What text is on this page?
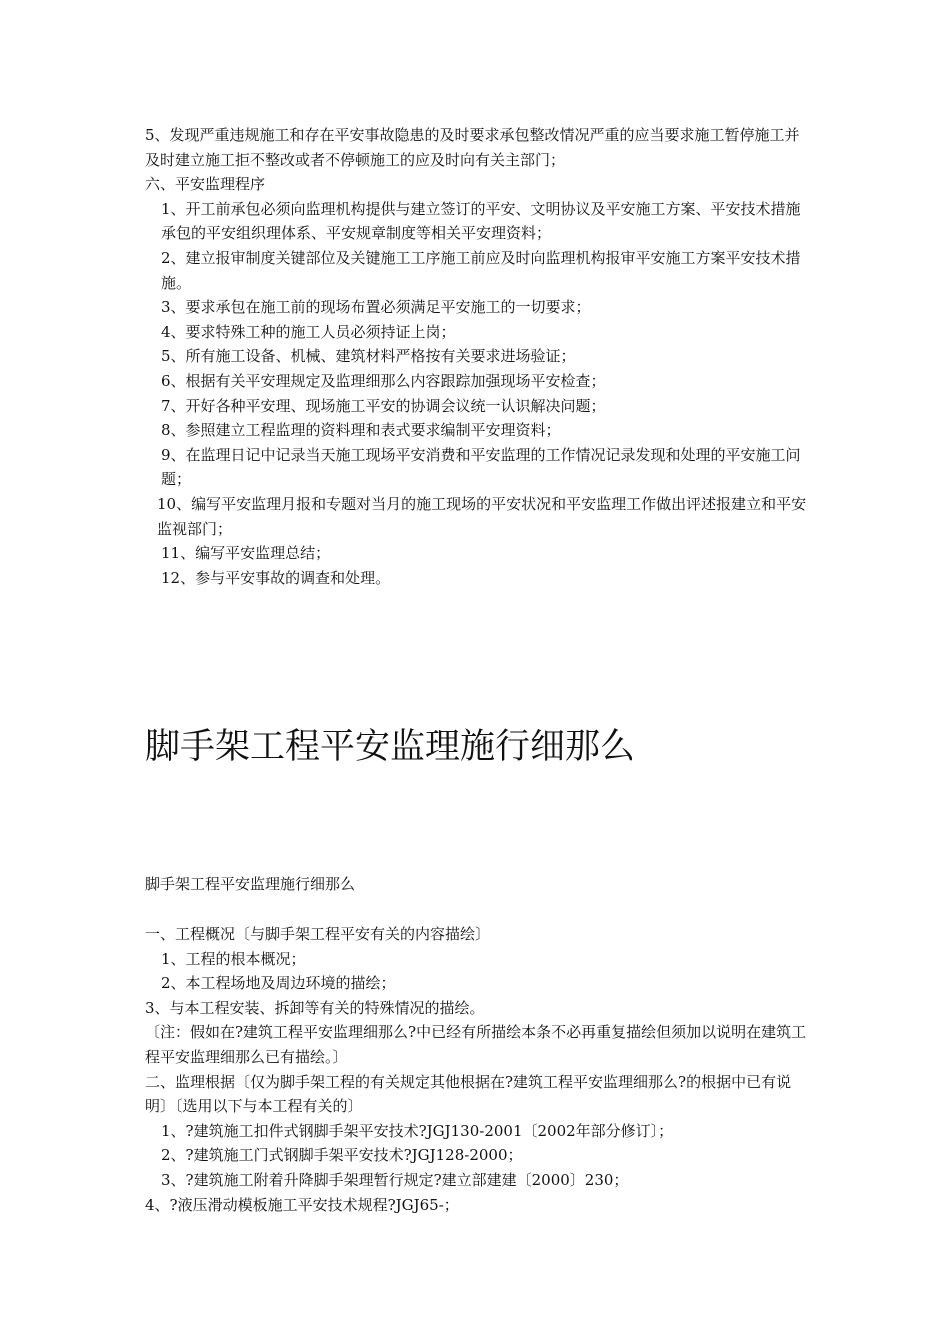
5、发现严重违规施工和存在平安事故隐患的及时要求承包整改情况严重的应当要求施工暂停施工并及时建立施工拒不整改或者不停顿施工的应及时向有关主部门；

六、平安监理程序

1、开工前承包必须向监理机构提供与建立签订的平安、文明协议及平安施工方案、平安技术措施承包的平安组织理体系、平安规章制度等相关平安理资料；

2、建立报审制度关键部位及关键施工工序施工前应及时向监理机构报审平安施工方案平安技术措施。

3、要求承包在施工前的现场布置必须满足平安施工的一切要求；

4、要求特殊工种的施工人员必须持证上岗；

5、所有施工设备、机械、建筑材料严格按有关要求进场验证；

6、根据有关平安理规定及监理细那么内容跟踪加强现场平安检查；

7、开好各种平安理、现场施工平安的协调会议统一认识解决问题；

8、参照建立工程监理的资料理和表式要求编制平安理资料；

9、在监理日记中记录当天施工现场平安消费和平安监理的工作情况记录发现和处理的平安施工问题；

10、编写平安监理月报和专题对当月的施工现场的平安状况和平安监理工作做出评述报建立和平安监视部门；

11、编写平安监理总结；

12、参与平安事故的调查和处理。

脚手架工程平安监理施行细那么

脚手架工程平安监理施行细那么

一、工程概况〔与脚手架工程平安有关的内容描绘〕

1、工程的根本概况；

2、本工程场地及周边环境的描绘；

3、与本工程安装、拆卸等有关的特殊情况的描绘。

〔注：假如在?建筑工程平安监理细那么?中已经有所描绘本条不必再重复描绘但须加以说明在建筑工程平安监理细那么已有描绘。〕

二、监理根据〔仅为脚手架工程的有关规定其他根据在?建筑工程平安监理细那么?的根据中已有说明〕〔选用以下与本工程有关的〕

1、?建筑施工扣件式钢脚手架平安技术?JGJ130-2001〔2002年部分修订〕；

2、?建筑施工门式钢脚手架平安技术?JGJ128-2000；

3、?建筑施工附着升降脚手架理暂行规定?建立部建建〔2000〕230；

4、?液压滑动模板施工平安技术规程?JGJ65-；
